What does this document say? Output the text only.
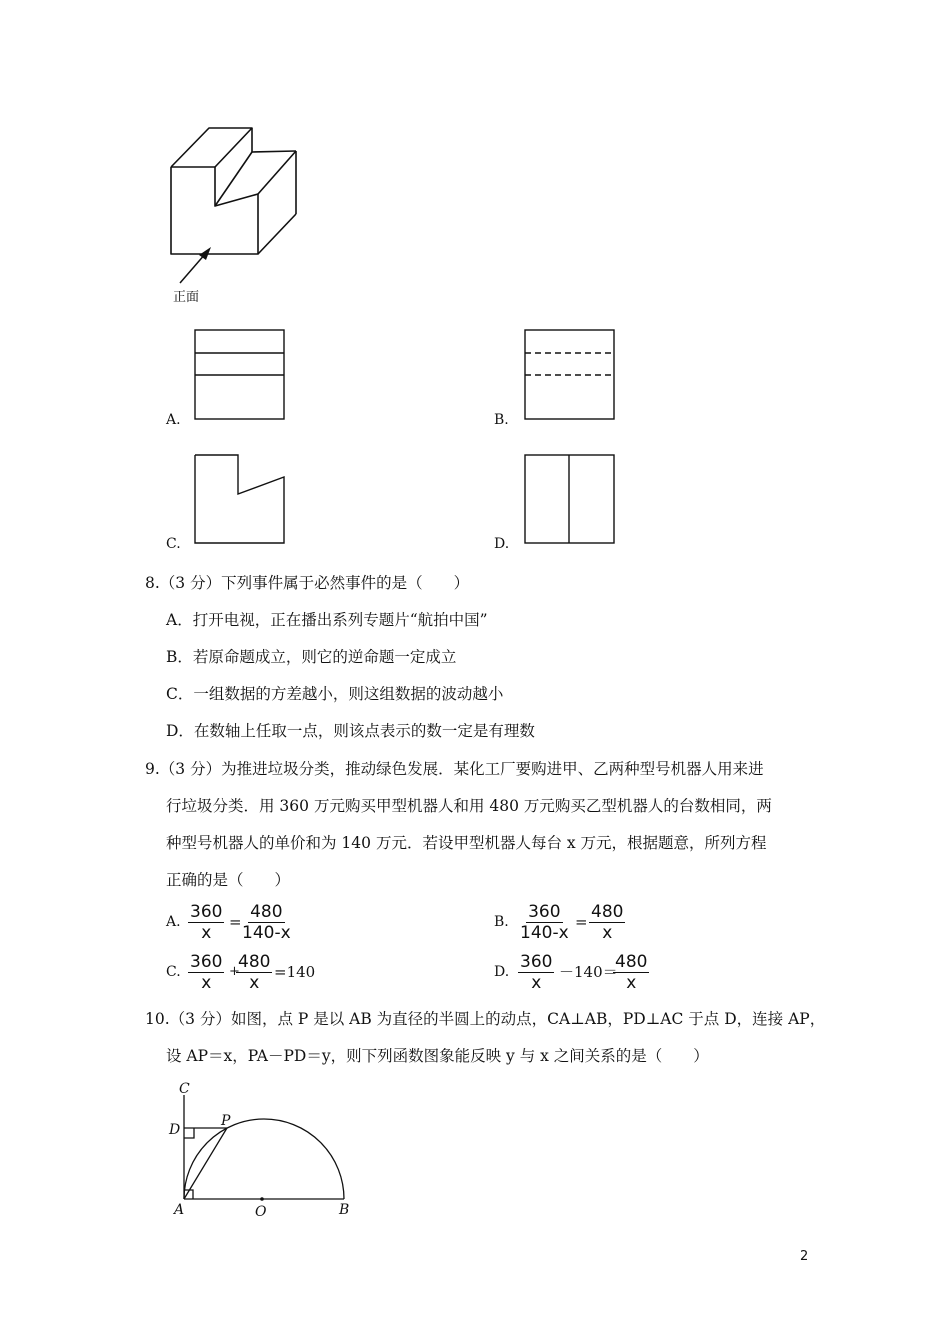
正面
A.	B.
C.	D.
8.（3 分）下列事件属于必然事件的是（　　）
A．打开电视，正在播出系列专题片“航拍中国”
B．若原命题成立，则它的逆命题一定成立
C．一组数据的方差越小，则这组数据的波动越小
D．在数轴上任取一点，则该点表示的数一定是有理数
9.（3 分）为推进垃圾分类，推动绿色发展．某化工厂要购进甲、乙两种型号机器人用来进
行垃圾分类．用 360 万元购买甲型机器人和用 480 万元购买乙型机器人的台数相同，两
种型号机器人的单价和为 140 万元．若设甲型机器人每台 x 万元，根据题意，所列方程
正确的是（　　）
A. $\frac{360}{x}$ =
$\frac{480}{140-x}$	B. $\frac{360}{140-x} = \frac{480}{x}$
C. $\frac{360}{x}$ +
$\frac{480}{x} =140$	D. $\frac{360}{x} -140=$
$\frac{480}{x}$
10.（3 分）如图，点 P 是以 AB 为直径的半圆上的动点，CA⊥AB，PD⊥AC 于点 D，连接 AP，
设 AP＝x，PA－PD＝y，则下列函数图象能反映 y 与 x 之间关系的是（　　）
C
D
P
A	O	B
2
